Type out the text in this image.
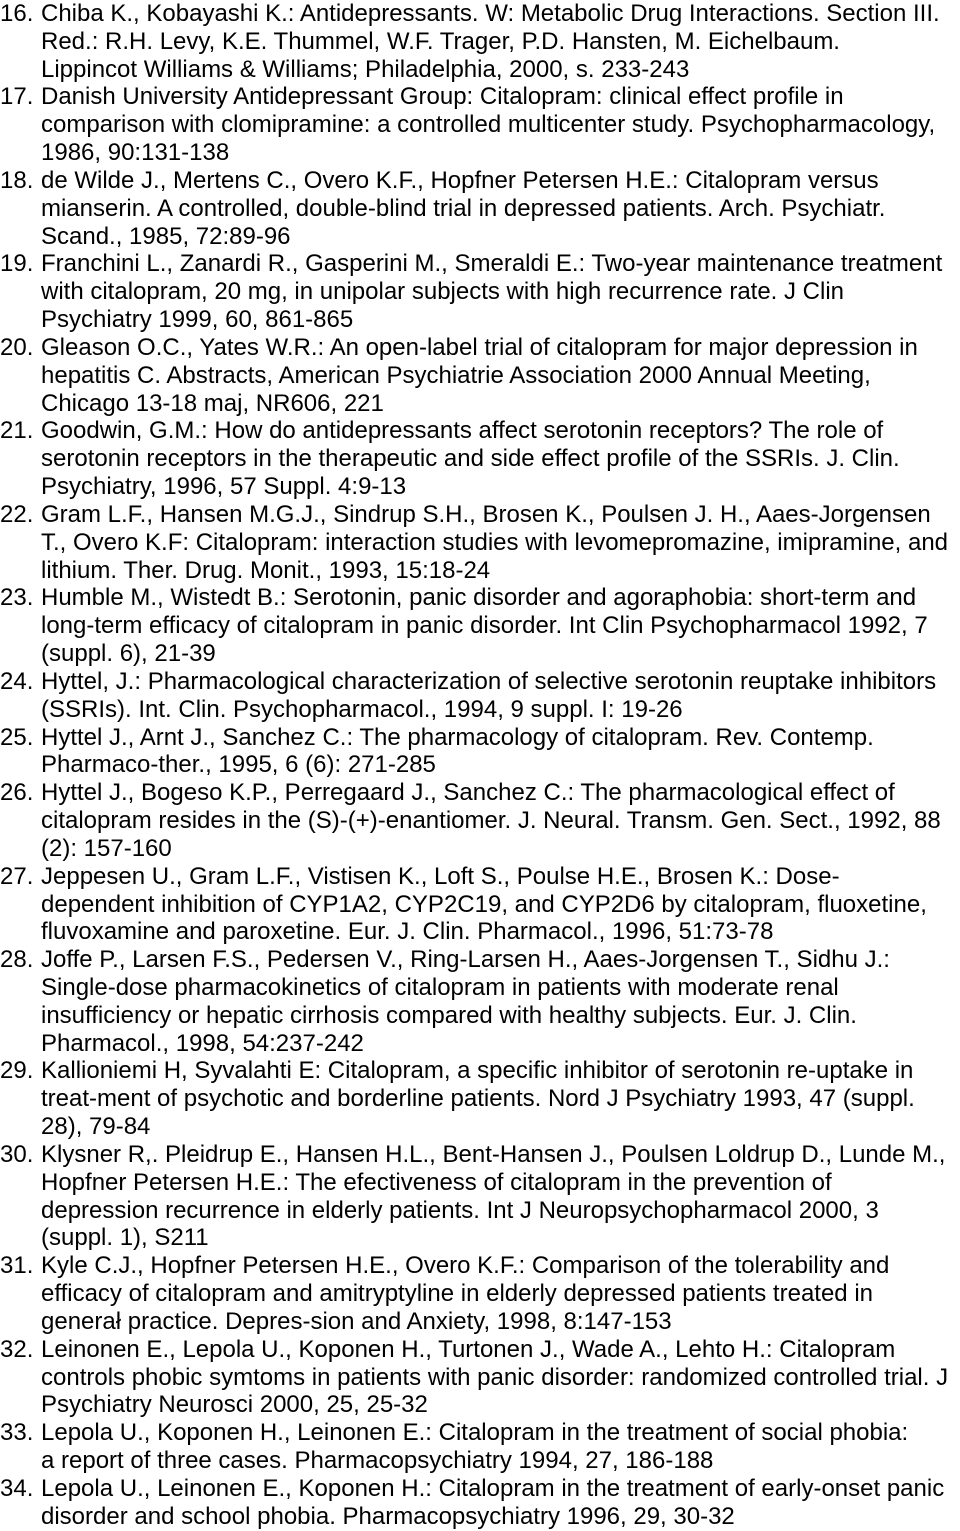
16. Chiba K., Kobayashi K.: Antidepressants. W: Metabolic Drug Interactions. Section III.
Red.: R.H. Levy, K.E. Thummel, W.F. Trager, P.D. Hansten, M. Eichelbaum.
Lippincot Williams & Williams; Philadelphia, 2000, s. 233-243
17. Danish University Antidepressant Group: Citalopram: clinical effect profile in
comparison with clomipramine: a controlled multicenter study. Psychopharmacology,
1986, 90:131-138
18. de Wilde J., Mertens C., Overo K.F., Hopfner Petersen H.E.: Citalopram versus
mianserin. A controlled, double-blind trial in depressed patients. Arch. Psychiatr.
Scand., 1985, 72:89-96
19. Franchini L., Zanardi R., Gasperini M., Smeraldi E.: Two-year maintenance treatment
with citalopram, 20 mg, in unipolar subjects with high recurrence rate. J Clin
Psychiatry 1999, 60, 861-865
20. Gleason O.C., Yates W.R.: An open-label trial of citalopram for major depression in
hepatitis C. Abstracts, American Psychiatrie Association 2000 Annual Meeting,
Chicago 13-18 maj, NR606, 221
21. Goodwin, G.M.: How do antidepressants affect serotonin receptors? The role of
serotonin receptors in the therapeutic and side effect profile of the SSRIs. J. Clin.
Psychiatry, 1996, 57 Suppl. 4:9-13
22. Gram L.F., Hansen M.G.J., Sindrup S.H., Brosen K., Poulsen J. H., Aaes-Jorgensen
T., Overo K.F: Citalopram: interaction studies with levomepromazine, imipramine, and
lithium. Ther. Drug. Monit., 1993, 15:18-24
23. Humble M., Wistedt B.: Serotonin, panic disorder and agoraphobia: short-term and
long-term efficacy of citalopram in panic disorder. Int Clin Psychopharmacol 1992, 7
(suppl. 6), 21-39
24. Hyttel, J.: Pharmacological characterization of selective serotonin reuptake inhibitors
(SSRIs). Int. Clin. Psychopharmacol., 1994, 9 suppl. I: 19-26
25. Hyttel J., Arnt J., Sanchez C.: The pharmacology of citalopram. Rev. Contemp.
Pharmaco-ther., 1995, 6 (6): 271-285
26. Hyttel J., Bogeso K.P., Perregaard J., Sanchez C.: The pharmacological effect of
citalopram resides in the (S)-(+)-enantiomer. J. Neural. Transm. Gen. Sect., 1992, 88
(2): 157-160
27. Jeppesen U., Gram L.F., Vistisen K., Loft S., Poulse H.E., Brosen K.: Dose-
dependent inhibition of CYP1A2, CYP2C19, and CYP2D6 by citalopram, fluoxetine,
fluvoxamine and paroxetine. Eur. J. Clin. Pharmacol., 1996, 51:73-78
28. Joffe P., Larsen F.S., Pedersen V., Ring-Larsen H., Aaes-Jorgensen T., Sidhu J.:
Single-dose pharmacokinetics of citalopram in patients with moderate renal
insufficiency or hepatic cirrhosis compared with healthy subjects. Eur. J. Clin.
Pharmacol., 1998, 54:237-242
29. Kallioniemi H, Syvalahti E: Citalopram, a specific inhibitor of serotonin re-uptake in
treat-ment of psychotic and borderline patients. Nord J Psychiatry 1993, 47 (suppl.
28), 79-84
30. Klysner R,. Pleidrup E., Hansen H.L., Bent-Hansen J., Poulsen Loldrup D., Lunde M.,
Hopfner Petersen H.E.: The efectiveness of citalopram in the prevention of
depression recurrence in elderly patients. Int J Neuropsychopharmacol 2000, 3
(suppl. 1), S211
31. Kyle C.J., Hopfner Petersen H.E., Overo K.F.: Comparison of the tolerability and
efficacy of citalopram and amitryptyline in elderly depressed patients treated in
generał practice. Depres-sion and Anxiety, 1998, 8:147-153
32. Leinonen E., Lepola U., Koponen H., Turtonen J., Wade A., Lehto H.: Citalopram
controls phobic symtoms in patients with panic disorder: randomized controlled trial. J
Psychiatry Neurosci 2000, 25, 25-32
33. Lepola U., Koponen H., Leinonen E.: Citalopram in the treatment of social phobia:
a report of three cases. Pharmacopsychiatry 1994, 27, 186-188
34. Lepola U., Leinonen E., Koponen H.: Citalopram in the treatment of early-onset panic
disorder and school phobia. Pharmacopsychiatry 1996, 29, 30-32
